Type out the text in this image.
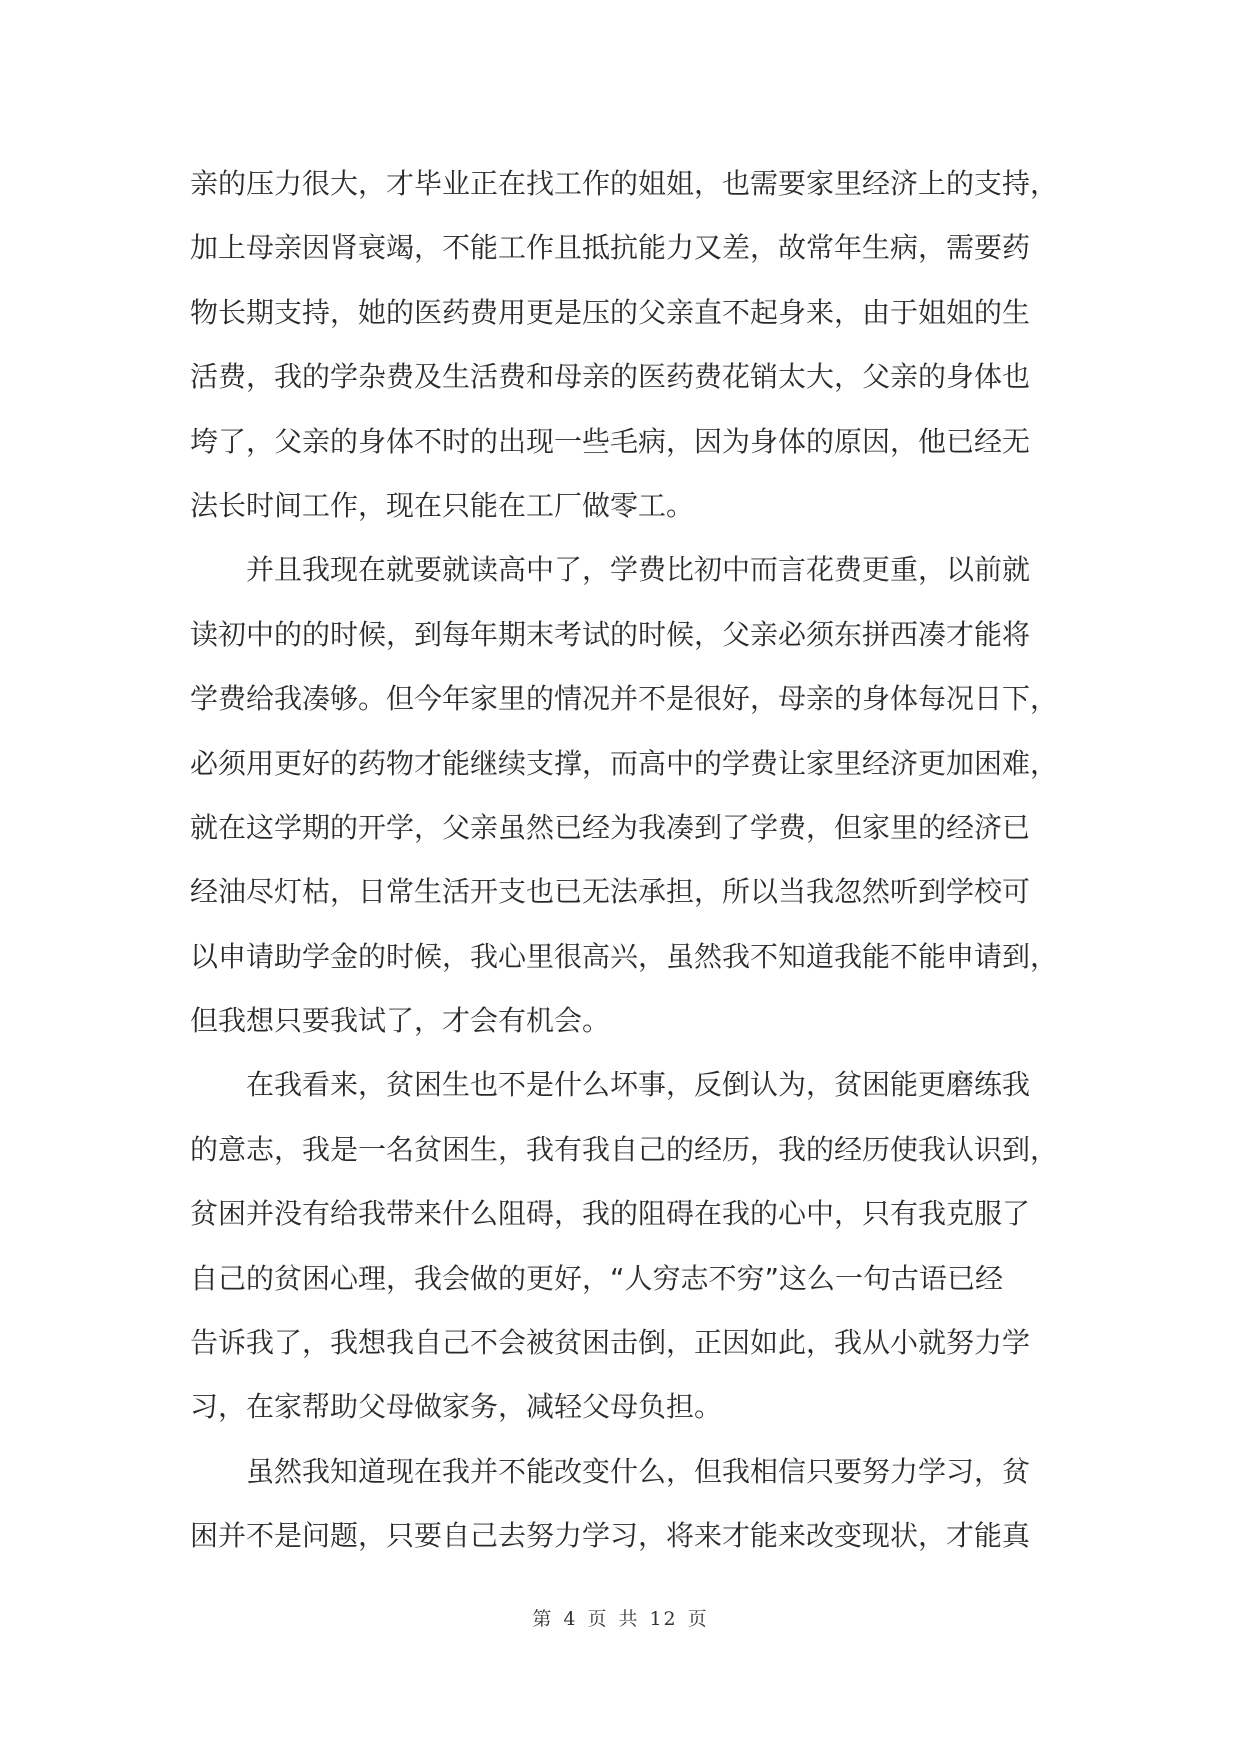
亲的压力很大，才毕业正在找工作的姐姐，也需要家里经济上的支持，
加上母亲因肾衰竭，不能工作且抵抗能力又差，故常年生病，需要药
物长期支持，她的医药费用更是压的父亲直不起身来，由于姐姐的生
活费，我的学杂费及生活费和母亲的医药费花销太大，父亲的身体也
垮了，父亲的身体不时的出现一些毛病，因为身体的原因，他已经无
法长时间工作，现在只能在工厂做零工。
并且我现在就要就读高中了，学费比初中而言花费更重，以前就
读初中的的时候，到每年期末考试的时候，父亲必须东拼西凑才能将
学费给我凑够。但今年家里的情况并不是很好，母亲的身体每况日下，
必须用更好的药物才能继续支撑，而高中的学费让家里经济更加困难，
就在这学期的开学，父亲虽然已经为我凑到了学费，但家里的经济已
经油尽灯枯，日常生活开支也已无法承担，所以当我忽然听到学校可
以申请助学金的时候，我心里很高兴，虽然我不知道我能不能申请到，
但我想只要我试了，才会有机会。
在我看来，贫困生也不是什么坏事，反倒认为，贫困能更磨练我
的意志，我是一名贫困生，我有我自己的经历，我的经历使我认识到，
贫困并没有给我带来什么阻碍，我的阻碍在我的心中，只有我克服了
自己的贫困心理，我会做的更好，“人穷志不穷”这么一句古语已经
告诉我了，我想我自己不会被贫困击倒，正因如此，我从小就努力学
习，在家帮助父母做家务，减轻父母负担。
虽然我知道现在我并不能改变什么，但我相信只要努力学习，贫
困并不是问题，只要自己去努力学习，将来才能来改变现状，才能真
第 4 页 共 12 页
